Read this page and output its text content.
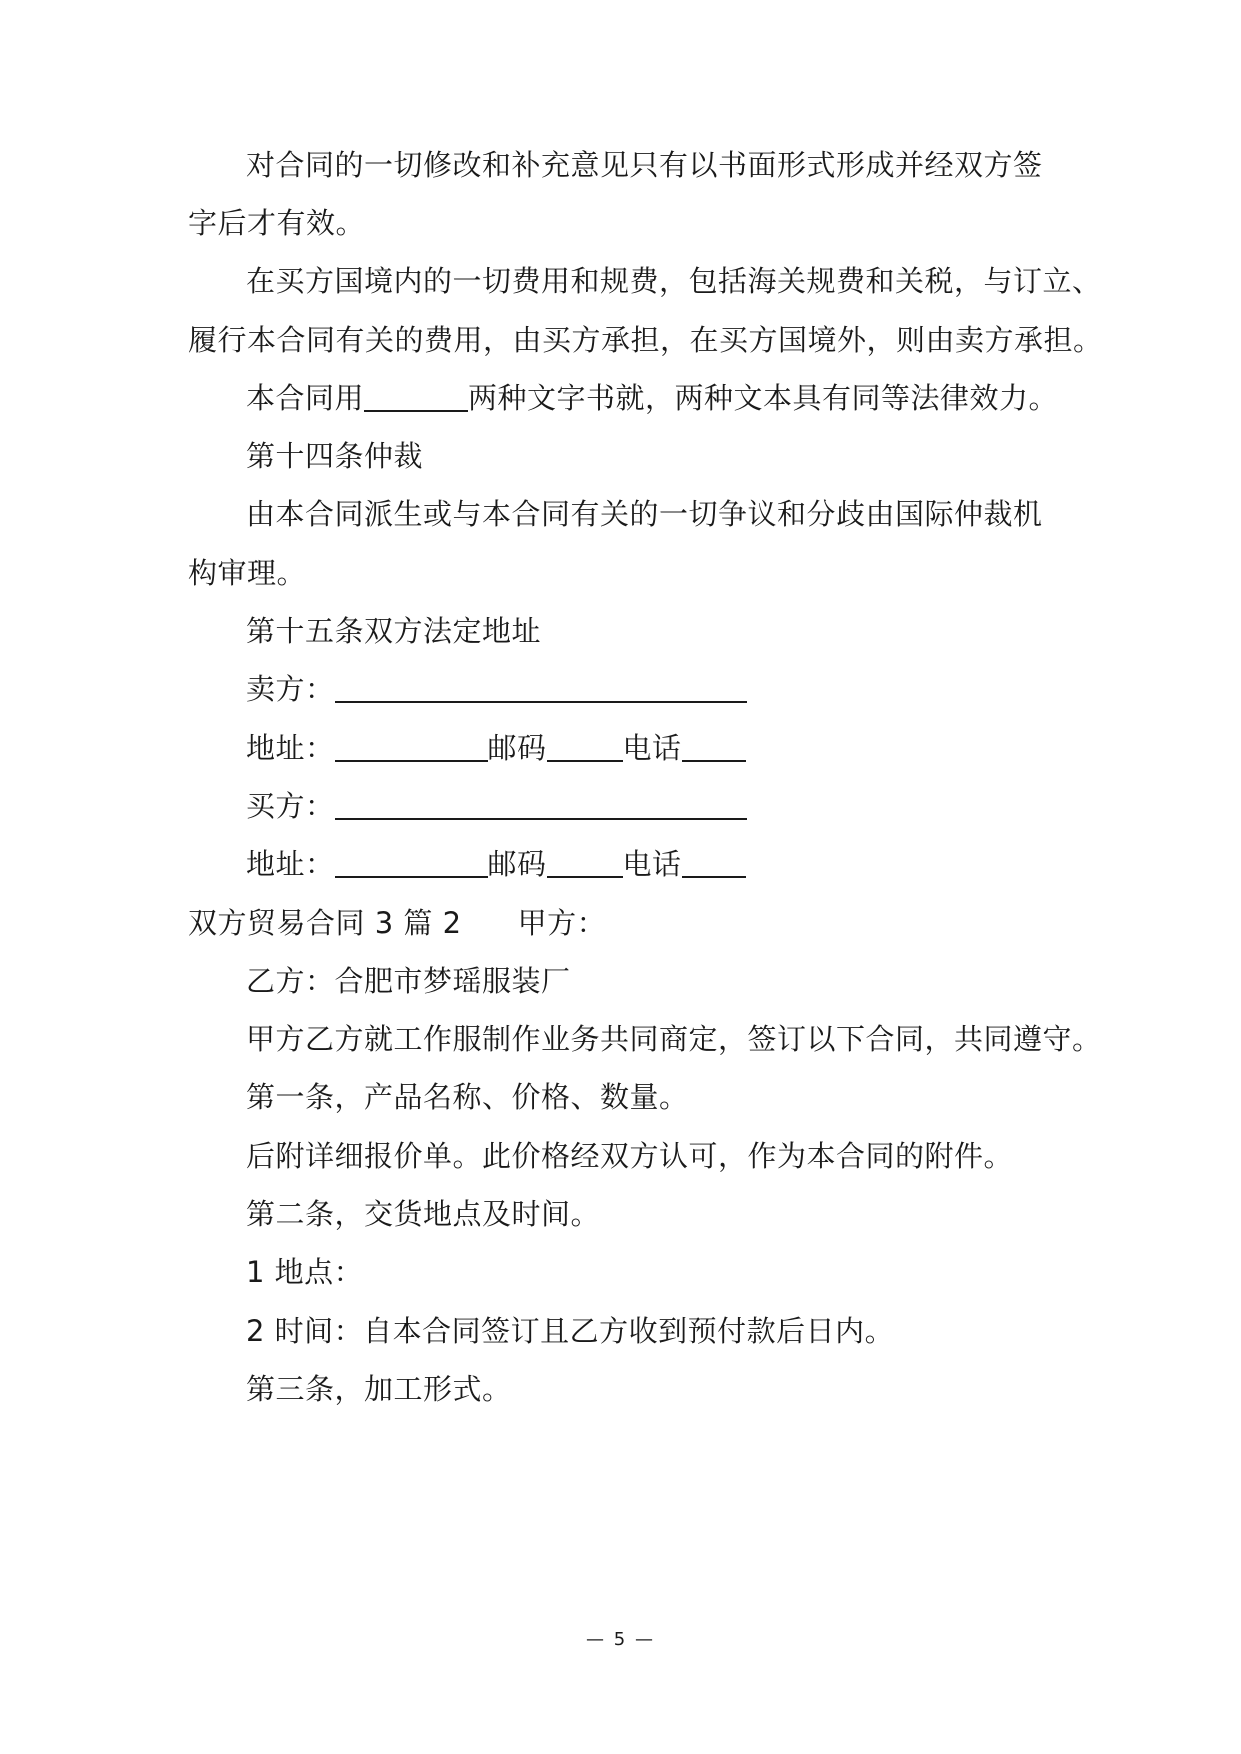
对合同的一切修改和补充意见只有以书面形式形成并经双方签
字后才有效。
在买方国境内的一切费用和规费，包括海关规费和关税，与订立、
履行本合同有关的费用，由买方承担，在买方国境外，则由卖方承担。
本合同用	两种文字书就，两种文本具有同等法律效力。
第十四条仲裁
由本合同派生或与本合同有关的一切争议和分歧由国际仲裁机
构审理。
第十五条双方法定地址
卖方：
地址：	邮码	电话
买方：
地址：	邮码	电话
双方贸易合同 3 篇 2 甲方：
乙方：合肥市梦瑶服装厂
甲方乙方就工作服制作业务共同商定，签订以下合同，共同遵守。
第一条，产品名称、价格、数量。
后附详细报价单。此价格经双方认可，作为本合同的附件。
第二条，交货地点及时间。
1 地点：
2 时间：自本合同签订且乙方收到预付款后日内。
第三条，加工形式。
— 5 —
